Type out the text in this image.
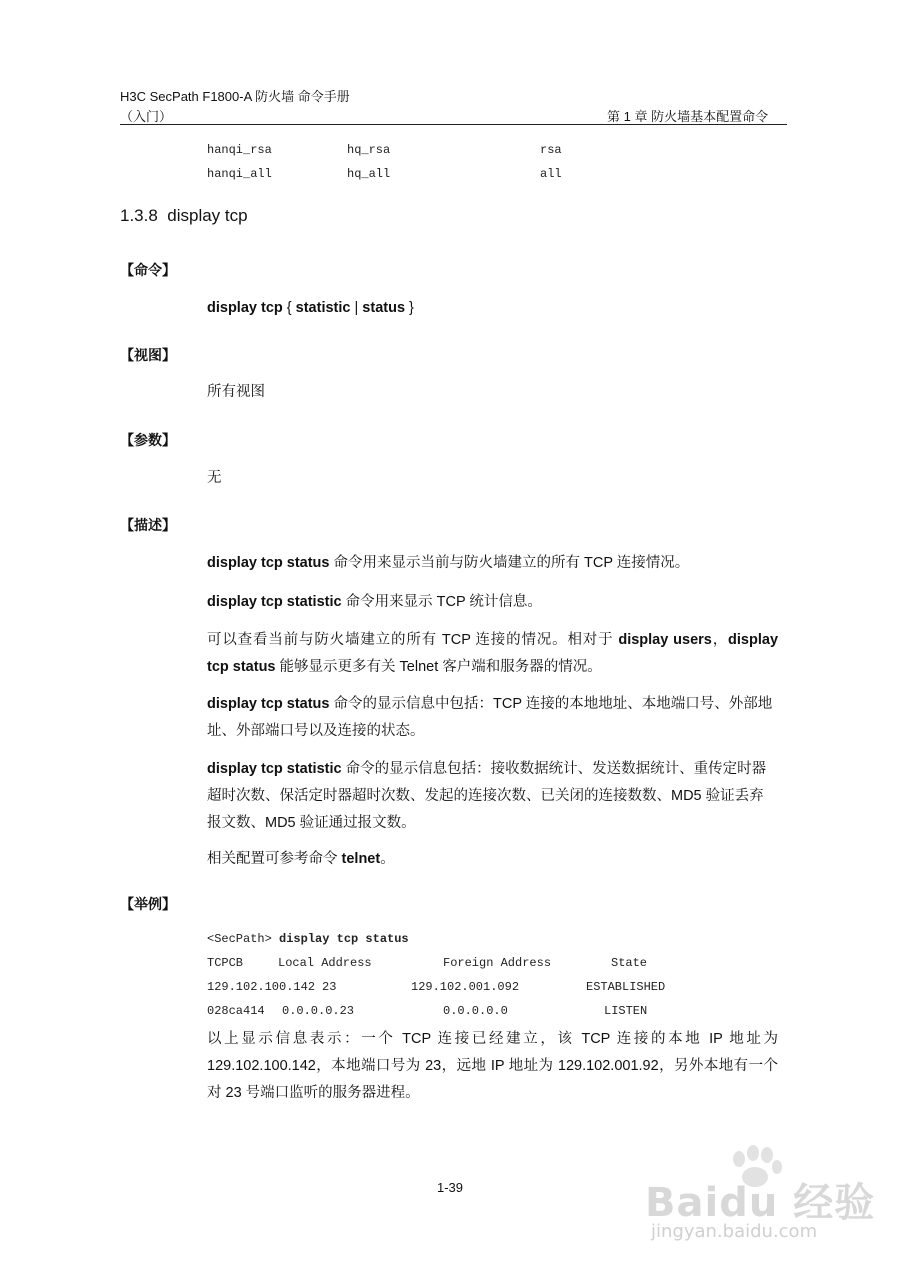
H3C SecPath F1800-A 防火墙 命令手册
（入门）	第 1 章 防火墙基本配置命令
hanqi_rsa	hq_rsa	rsa
hanqi_all	hq_all	all
1.3.8 display tcp
【命令】
display tcp { statistic | status }
【视图】
所有视图
【参数】
无
【描述】
display tcp status 命令用来显示当前与防火墙建立的所有 TCP 连接情况。
display tcp statistic 命令用来显示 TCP 统计信息。
可以查看当前与防火墙建立的所有 TCP 连接的情况。相对于 display users，display tcp status 能够显示更多有关 Telnet 客户端和服务器的情况。
display tcp status 命令的显示信息中包括：TCP 连接的本地地址、本地端口号、外部地址、外部端口号以及连接的状态。
display tcp statistic 命令的显示信息包括：接收数据统计、发送数据统计、重传定时器超时次数、保活定时器超时次数、发起的连接次数、已关闭的连接数数、MD5 验证丢弃报文数、MD5 验证通过报文数。
相关配置可参考命令 telnet。
【举例】
<SecPath> display tcp status
TCPCB	Local Address	Foreign Address	State
129.102.100.142 23	129.102.001.092	ESTABLISHED
028ca414 0.0.0.0.23	0.0.0.0.0	LISTEN
以上显示信息表示：一个 TCP 连接已经建立，该 TCP 连接的本地 IP 地址为 129.102.100.142，本地端口号为 23，远地 IP 地址为 129.102.001.92，另外本地有一个对 23 号端口监听的服务器进程。
1-39	Baidu 经验
jingyan.baidu.com
